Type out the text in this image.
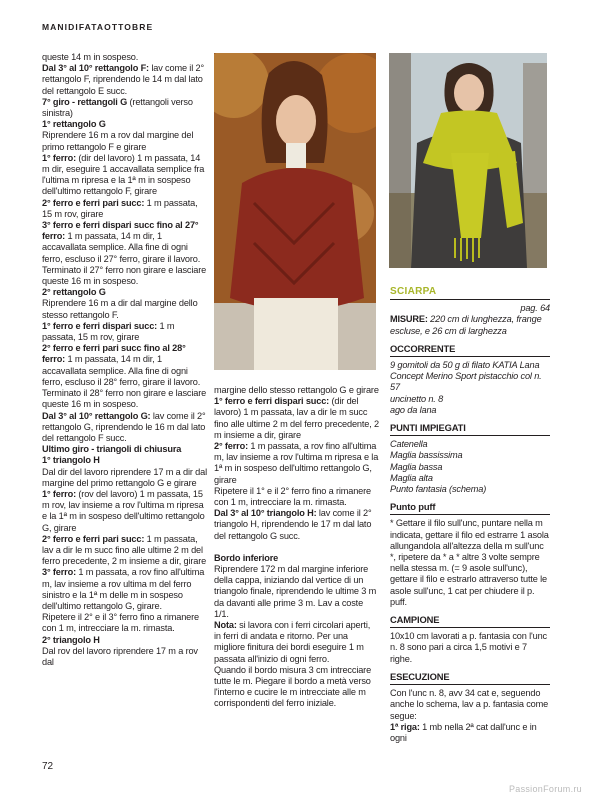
MANIDIFATAOTTOBRE

queste 14 m in sospeso.

Dal 3° al 10° rettangolo F: lav come il 2° rettangolo F, riprendendo le 14 m dal lato del rettangolo E succ.

7° giro - rettangoli G (rettangoli verso sinistra)

1° rettangolo G

Riprendere 16 m a rov dal margine del primo rettangolo F e girare

1° ferro: (dir del lavoro) 1 m passata, 14 m dir, eseguire 1 accavallata semplice fra l'ultima m ripresa e la 1ª m in sospeso dell'ultimo rettangolo F, girare

2° ferro e ferri pari succ: 1 m passata, 15 m rov, girare

3° ferro e ferri dispari succ fino al 27° ferro: 1 m passata, 14 m dir, 1 accavallata semplice. Alla fine di ogni ferro, escluso il 27° ferro, girare il lavoro.

Terminato il 27° ferro non girare e lasciare queste 16 m in sospeso.

2° rettangolo G

Riprendere 16 m a dir dal margine dello stesso rettangolo F.

1° ferro e ferri dispari succ: 1 m passata, 15 m rov, girare

2° ferro e ferri pari succ fino al 28° ferro: 1 m passata, 14 m dir, 1 accavallata semplice. Alla fine di ogni ferro, escluso il 28° ferro, girare il lavoro.

Terminato il 28° ferro non girare e lasciare queste 16 m in sospeso.

Dal 3° al 10° rettangolo G: lav come il 2° rettangolo G, riprendendo le 16 m dal lato del rettangolo F succ.

Ultimo giro - triangoli di chiusura

1° triangolo H

Dal dir del lavoro riprendere 17 m a dir dal margine del primo rettangolo G e girare

1° ferro: (rov del lavoro) 1 m passata, 15 m rov, lav insieme a rov l'ultima m ripresa e la 1ª m in sospeso dell'ultimo rettangolo G, girare

2° ferro e ferri pari succ: 1 m passata, lav a dir le m succ fino alle ultime 2 m del ferro precedente, 2 m insieme a dir, girare

3° ferro: 1 m passata, a rov fino all'ultima m, lav insieme a rov ultima m del ferro sinistro e la 1ª m delle m in sospeso dell'ultimo rettangolo G, girare.

Ripetere il 2° e il 3° ferro fino a rimanere con 1 m, intrecciare la m. rimasta.

2° triangolo H

Dal rov del lavoro riprendere 17 m a rov dal

margine dello stesso rettangolo G e girare

1° ferro e ferri dispari succ: (dir del lavoro) 1 m passata, lav a dir le m succ fino alle ultime 2 m del ferro precedente, 2 m insieme a dir, girare

2° ferro: 1 m passata, a rov fino all'ultima m, lav insieme a rov l'ultima m ripresa e la 1ª m in sospeso dell'ultimo rettangolo G, girare

Ripetere il 1° e il 2° ferro fino a rimanere con 1 m, intrecciare la m. rimasta.

Dal 3° al 10° triangolo H: lav come il 2° triangolo H, riprendendo le 17 m dal lato del rettangolo G succ.

Bordo inferiore

Riprendere 172 m dal margine inferiore della cappa, iniziando dal vertice di un triangolo finale, riprendendo le ultime 3 m da davanti alle prime 3 m. Lav a coste 1/1.

Nota: si lavora con i ferri circolari aperti, in ferri di andata e ritorno. Per una migliore finitura dei bordi eseguire 1 m passata all'inizio di ogni ferro.

Quando il bordo misura 3 cm intrecciare tutte le m. Piegare il bordo a metà verso l'interno e cucire le m intrecciate alle m corrispondenti del ferro iniziale.

SCIARPA

pag. 64

MISURE: 220 cm di lunghezza, frange escluse, e 26 cm di larghezza

OCCORRENTE

9 gomitoli da 50 g di filato KATIA Lana Concept Merino Sport pistacchio col n. 57

uncinetto n. 8

ago da lana

PUNTI IMPIEGATI

Catenella

Maglia bassissima

Maglia bassa

Maglia alta

Punto fantasia (schema)

Punto puff

* Gettare il filo sull'unc, puntare nella m indicata, gettare il filo ed estrarre 1 asola allungandola all'altezza della m sull'unc *, ripetere da * a * altre 3 volte sempre nella stessa m. (= 9 asole sull'unc), gettare il filo e estrarlo attraverso tutte le asole sull'unc, 1 cat per chiudere il p. puff.

CAMPIONE

10x10 cm lavorati a p. fantasia con l'unc n. 8 sono pari a circa 1,5 motivi e 7 righe.

ESECUZIONE

Con l'unc n. 8, avv 34 cat e, seguendo anche lo schema, lav a p. fantasia come segue:

1ª riga: 1 mb nella 2ª cat dall'unc e in ogni

72
PassionForum.ru
